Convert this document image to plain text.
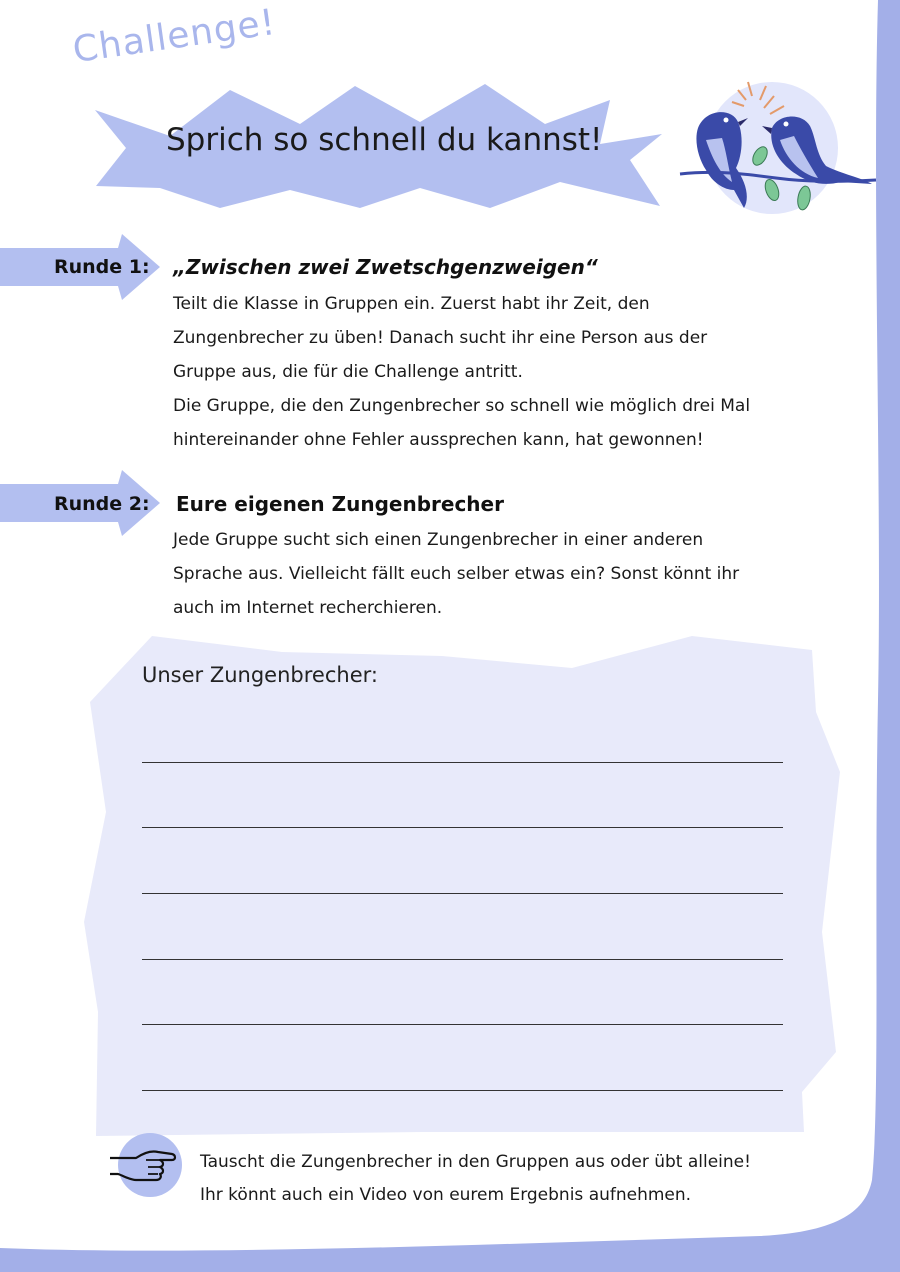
Challenge!
Sprich so schnell du kannst!
Runde 1: „Zwischen zwei Zwetschgenzweigen“
Teilt die Klasse in Gruppen ein. Zuerst habt ihr Zeit, den
Zungenbrecher zu üben! Danach sucht ihr eine Person aus der
Gruppe aus, die für die Challenge antritt.
Die Gruppe, die den Zungenbrecher so schnell wie möglich drei Mal
hintereinander ohne Fehler aussprechen kann, hat gewonnen!
Runde 2: Eure eigenen Zungenbrecher
Jede Gruppe sucht sich einen Zungenbrecher in einer anderen
Sprache aus. Vielleicht fällt euch selber etwas ein? Sonst könnt ihr
auch im Internet recherchieren.
Unser Zungenbrecher:
Tauscht die Zungenbrecher in den Gruppen aus oder übt alleine!
Ihr könnt auch ein Video von eurem Ergebnis aufnehmen.
